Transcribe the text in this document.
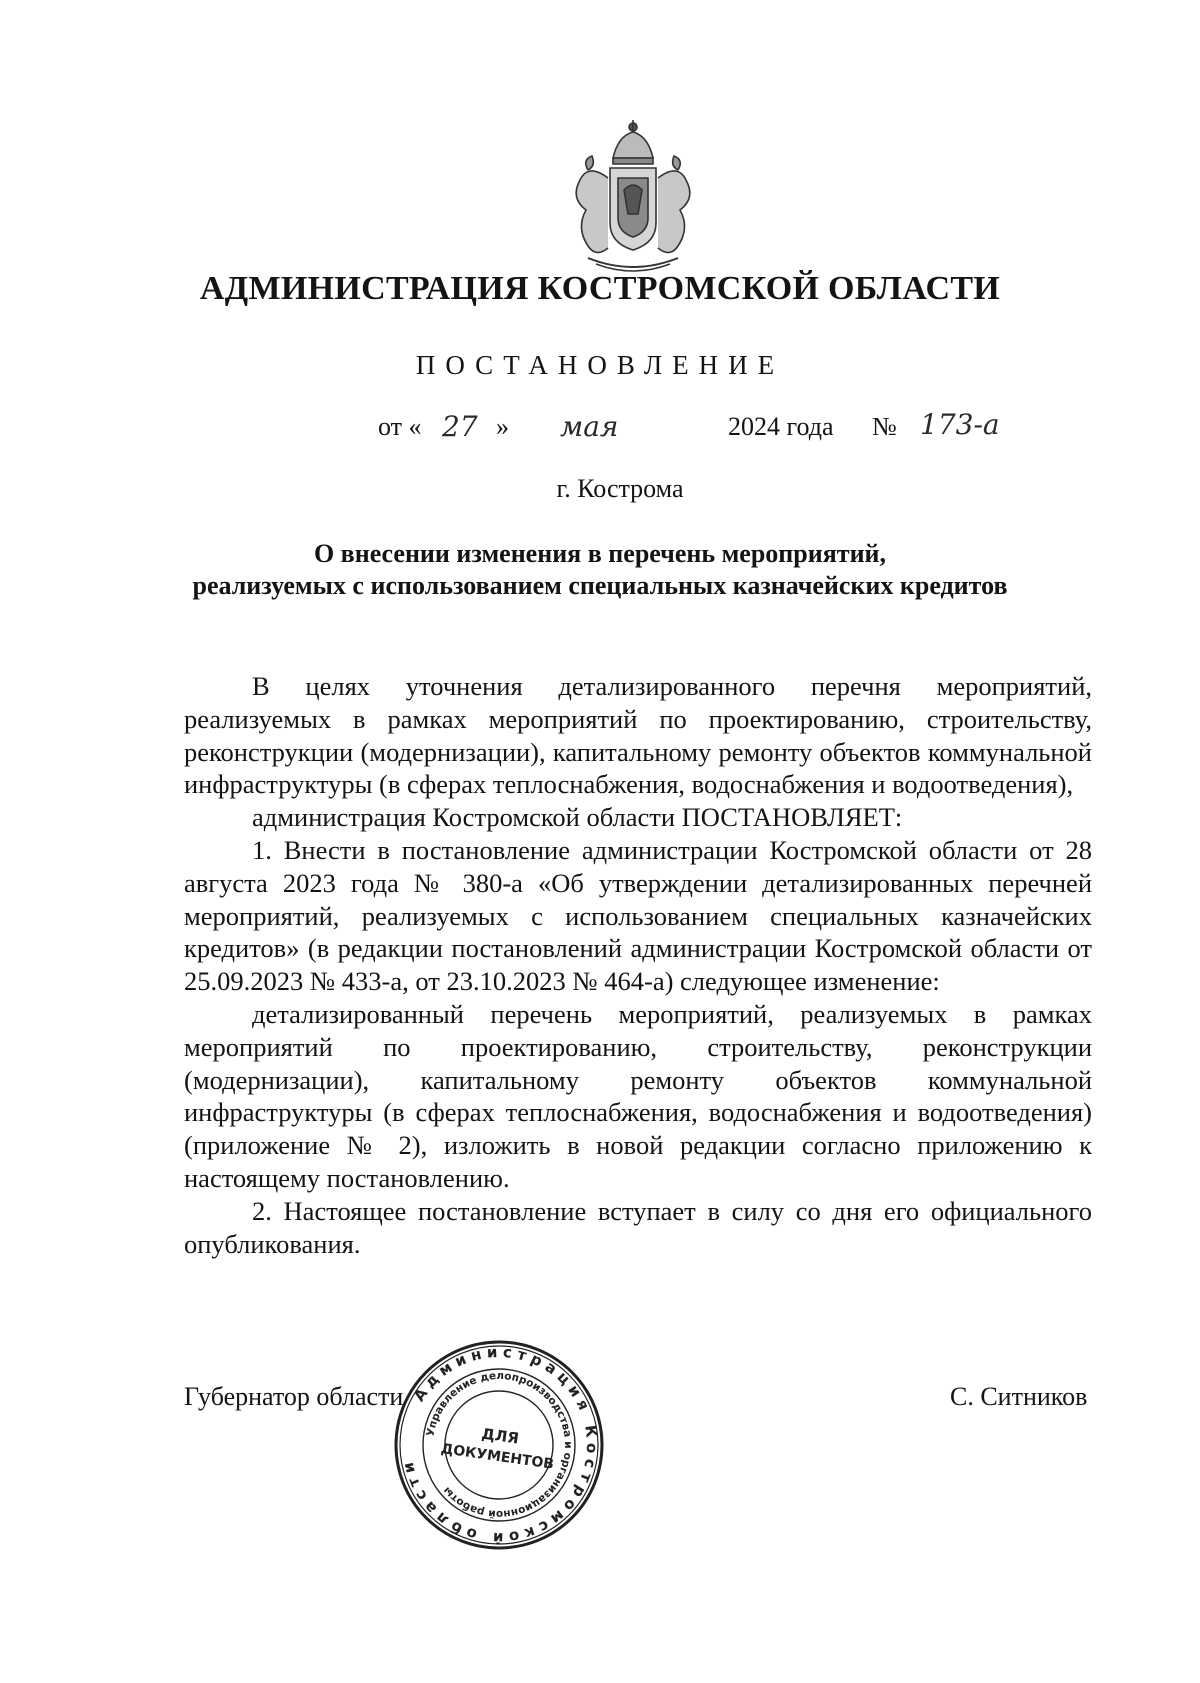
АДМИНИСТРАЦИЯ КОСТРОМСКОЙ ОБЛАСТИ
ПОСТАНОВЛЕНИЕ
от « 27 » мая	2024 года № 173-а
г. Кострома
О внесении изменения в перечень мероприятий,
реализуемых с использованием специальных казначейских кредитов

В целях уточнения детализированного перечня мероприятий, реализуемых в рамках мероприятий по проектированию, строительству, реконструкции (модернизации), капитальному ремонту объектов коммунальной инфраструктуры (в сферах теплоснабжения, водоснабжения и водоотведения),

администрация Костромской области ПОСТАНОВЛЯЕТ:

1. Внести в постановление администрации Костромской области от 28 августа 2023 года № 380-а «Об утверждении детализированных перечней мероприятий, реализуемых с использованием специальных казначейских кредитов» (в редакции постановлений администрации Костромской области от 25.09.2023 № 433-а, от 23.10.2023 № 464-а) следующее изменение:

детализированный перечень мероприятий, реализуемых в рамках мероприятий по проектированию, строительству, реконструкции (модернизации), капитальному ремонту объектов коммунальной инфраструктуры (в сферах теплоснабжения, водоснабжения и водоотведения) (приложение № 2), изложить в новой редакции согласно приложению к настоящему постановлению.

2. Настоящее постановление вступает в силу со дня его официального опубликования.

Губернатор области	С. Ситников
Администрация Костромской области
Управление делопроизводства и организационной работы
ДЛЯ
ДОКУМЕНТОВ
